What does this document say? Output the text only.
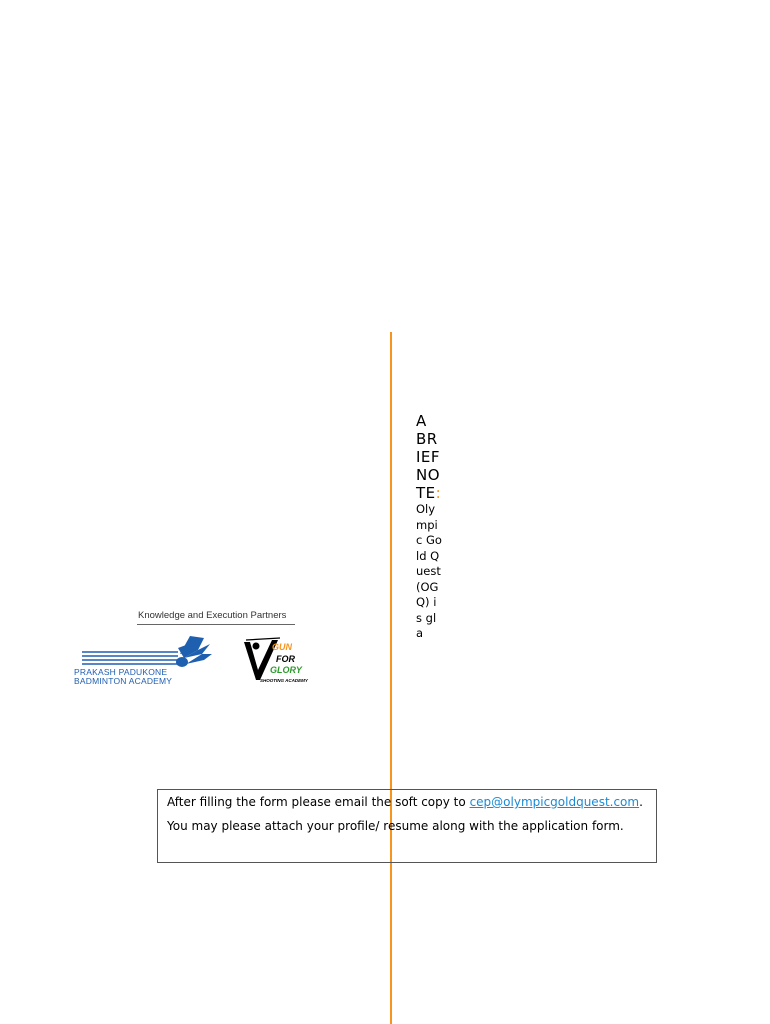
A BRIEF NOTE:
Olympic Gold Quest (OGQ) is gla
Knowledge and Execution Partners
PRAKASH PADUKONE
BADMINTON ACADEMY
GUN
FOR
GLORY
SHOOTING ACADEMY

After filling the form please email the soft copy to cep@olympicgoldquest.com.

You may please attach your profile/ resume along with the application form.
